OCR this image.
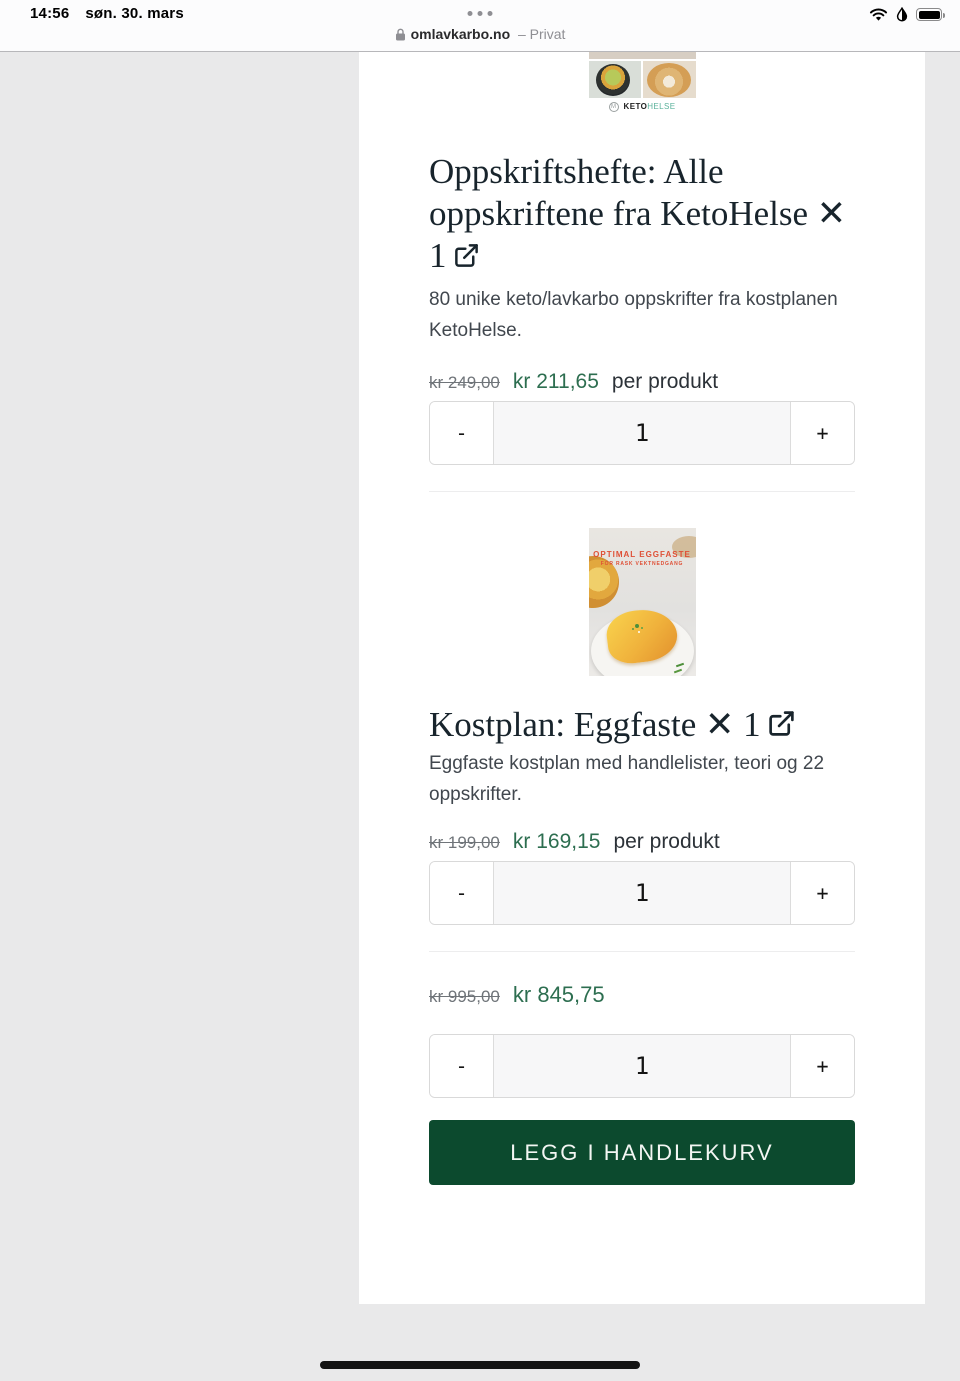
14:56 søn. 30. mars
omlavkarbo.no – Privat
M KETOHELSE
Oppskriftshefte: Alle oppskriftene fra KetoHelse ✕ 1

80 unike keto/lavkarbo oppskrifter fra kostplanen KetoHelse.

kr 249,00 kr 211,65 per produkt
-	1	+
OPTIMAL EGGFASTE
FOR RASK VEKTNEDGANG
Kostplan: Eggfaste ✕ 1

Eggfaste kostplan med handlelister, teori og 22 oppskrifter.

kr 199,00 kr 169,15 per produkt
-	1	+
kr 995,00 kr 845,75
-	1	+
LEGG I HANDLEKURV
